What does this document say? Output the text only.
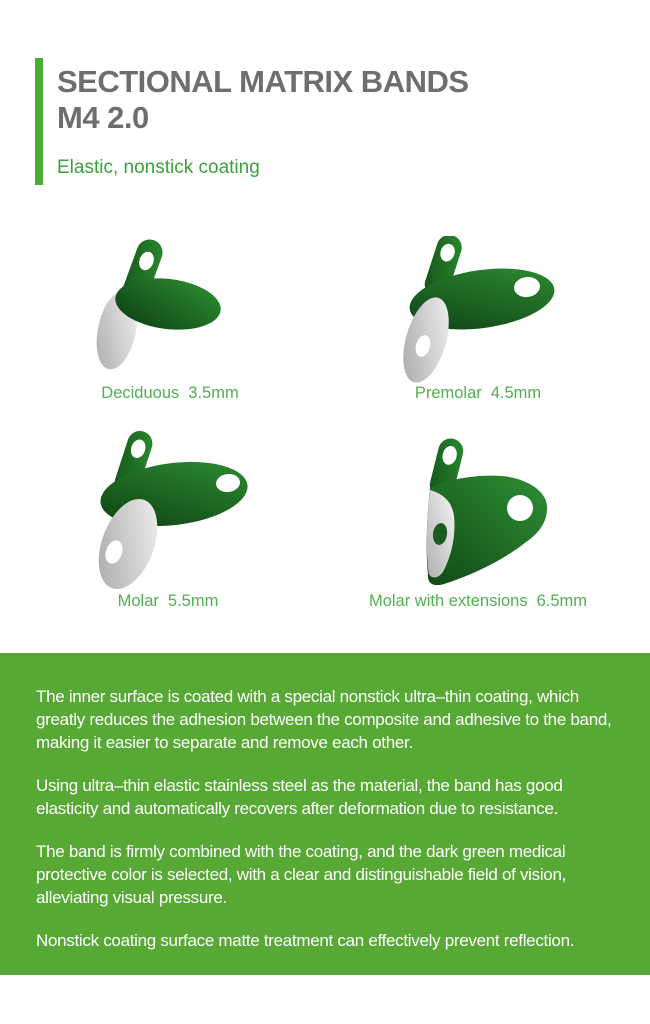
SECTIONAL MATRIX BANDS
M4 2.0
Elastic, nonstick coating
Deciduous 3.5mm	Premolar 4.5mm
Molar 5.5mm	Molar with extensions 6.5mm

The inner surface is coated with a special nonstick ultra–thin coating, which greatly reduces the adhesion between the composite and adhesive to the band, making it easier to separate and remove each other.

Using ultra–thin elastic stainless steel as the material, the band has good elasticity and automatically recovers after deformation due to resistance.

The band is firmly combined with the coating, and the dark green medical protective color is selected, with a clear and distinguishable field of vision, alleviating visual pressure.

Nonstick coating surface matte treatment can effectively prevent reflection.
